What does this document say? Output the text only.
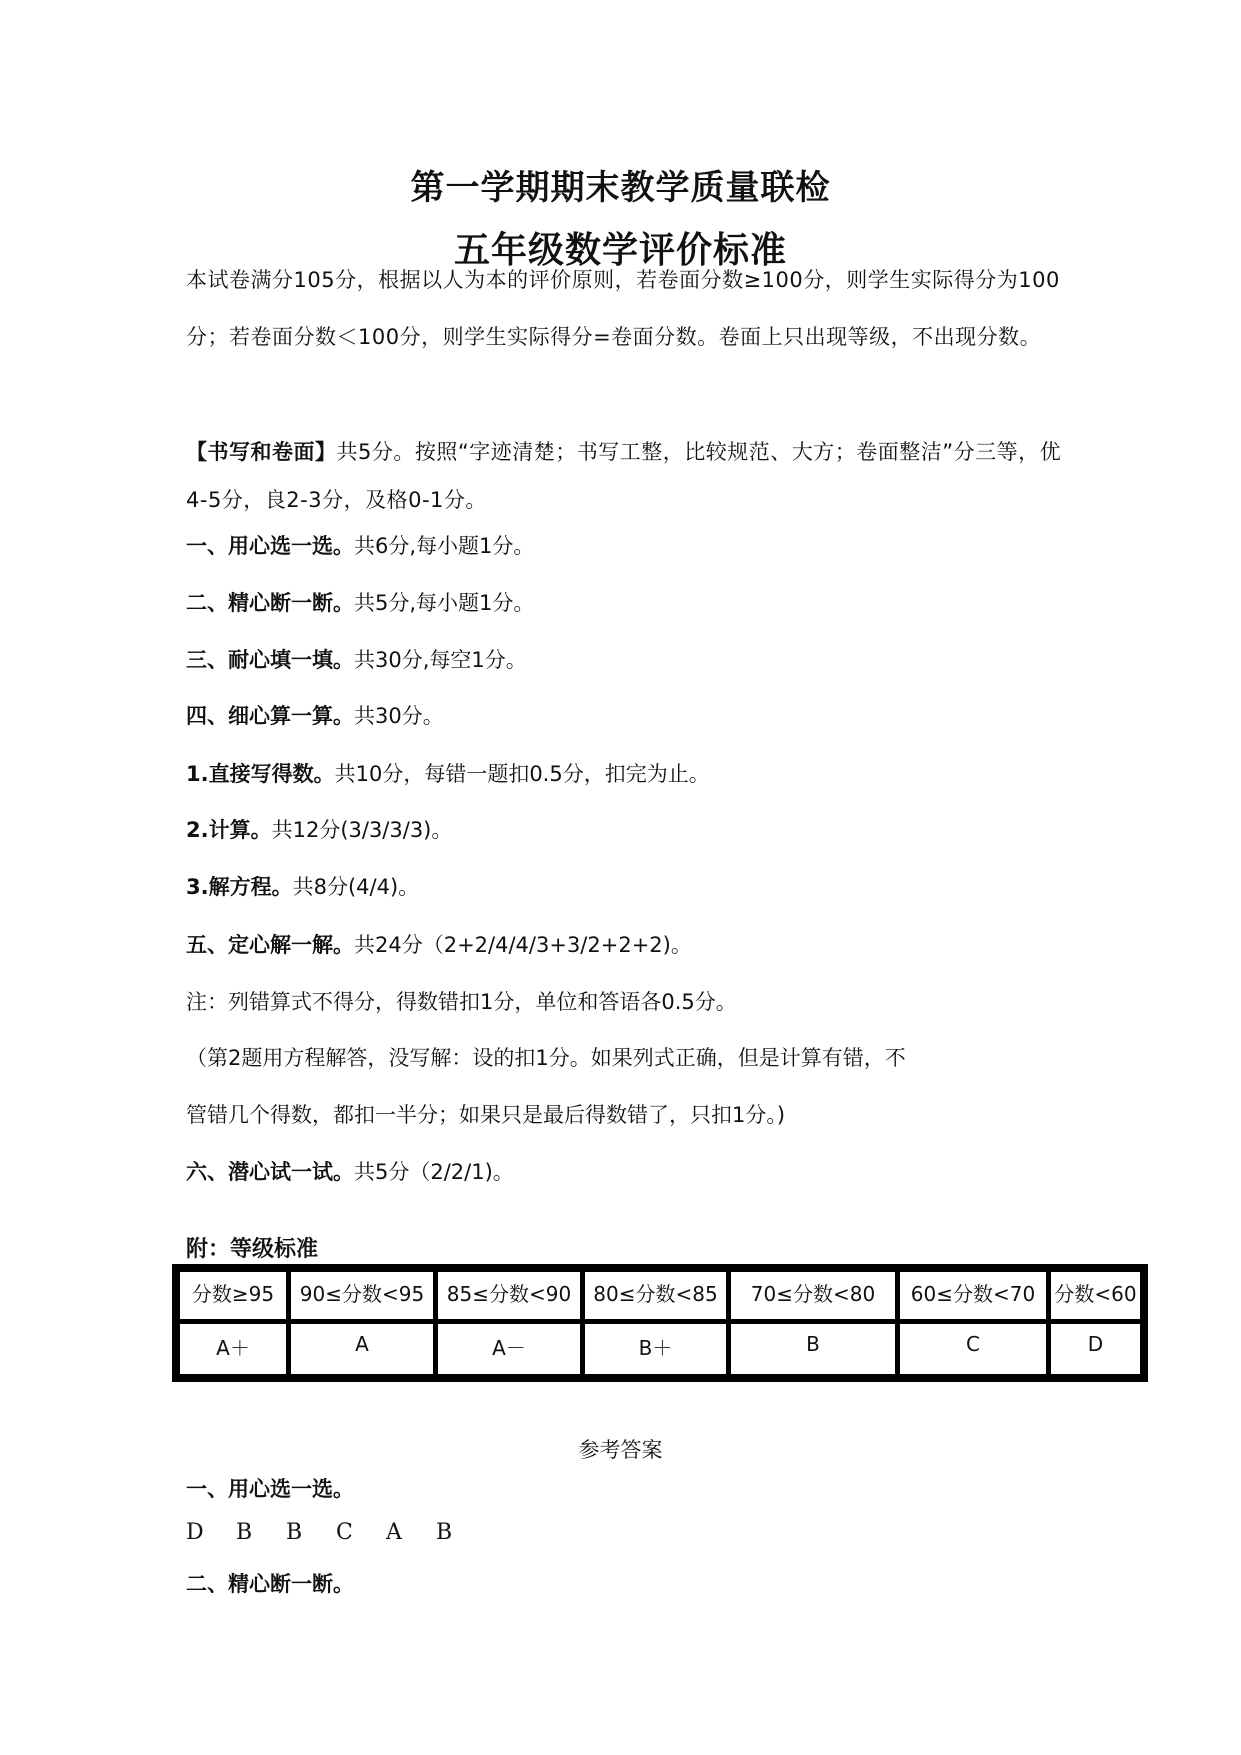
第一学期期末教学质量联检
五年级数学评价标准
本试卷满分105分，根据以人为本的评价原则，若卷面分数≥100分，则学生实际得分为100分；若卷面分数＜100分，则学生实际得分=卷面分数。卷面上只出现等级，不出现分数。
【书写和卷面】共5分。按照“字迹清楚；书写工整，比较规范、大方；卷面整洁”分三等，优4-5分，良2-3分，及格0-1分。
一、用心选一选。共6分,每小题1分。
二、精心断一断。共5分,每小题1分。
三、耐心填一填。共30分,每空1分。
四、细心算一算。共30分。
1.直接写得数。共10分，每错一题扣0.5分，扣完为止。
2.计算。共12分(3/3/3/3)。
3.解方程。共8分(4/4)。
五、定心解一解。共24分（2+2/4/4/3+3/2+2+2)。
注：列错算式不得分，得数错扣1分，单位和答语各0.5分。
（第2题用方程解答，没写解：设的扣1分。如果列式正确，但是计算有错，不
管错几个得数，都扣一半分；如果只是最后得数错了，只扣1分。)
六、潜心试一试。共5分（2/2/1)。
附：等级标准
分数≥95	90≤分数<95	85≤分数<90	80≤分数<85	70≤分数<80	60≤分数<70	分数<60
A＋	A	A－	B＋	B	C	D
参考答案
一、用心选一选。
D B B C A B
二、精心断一断。
